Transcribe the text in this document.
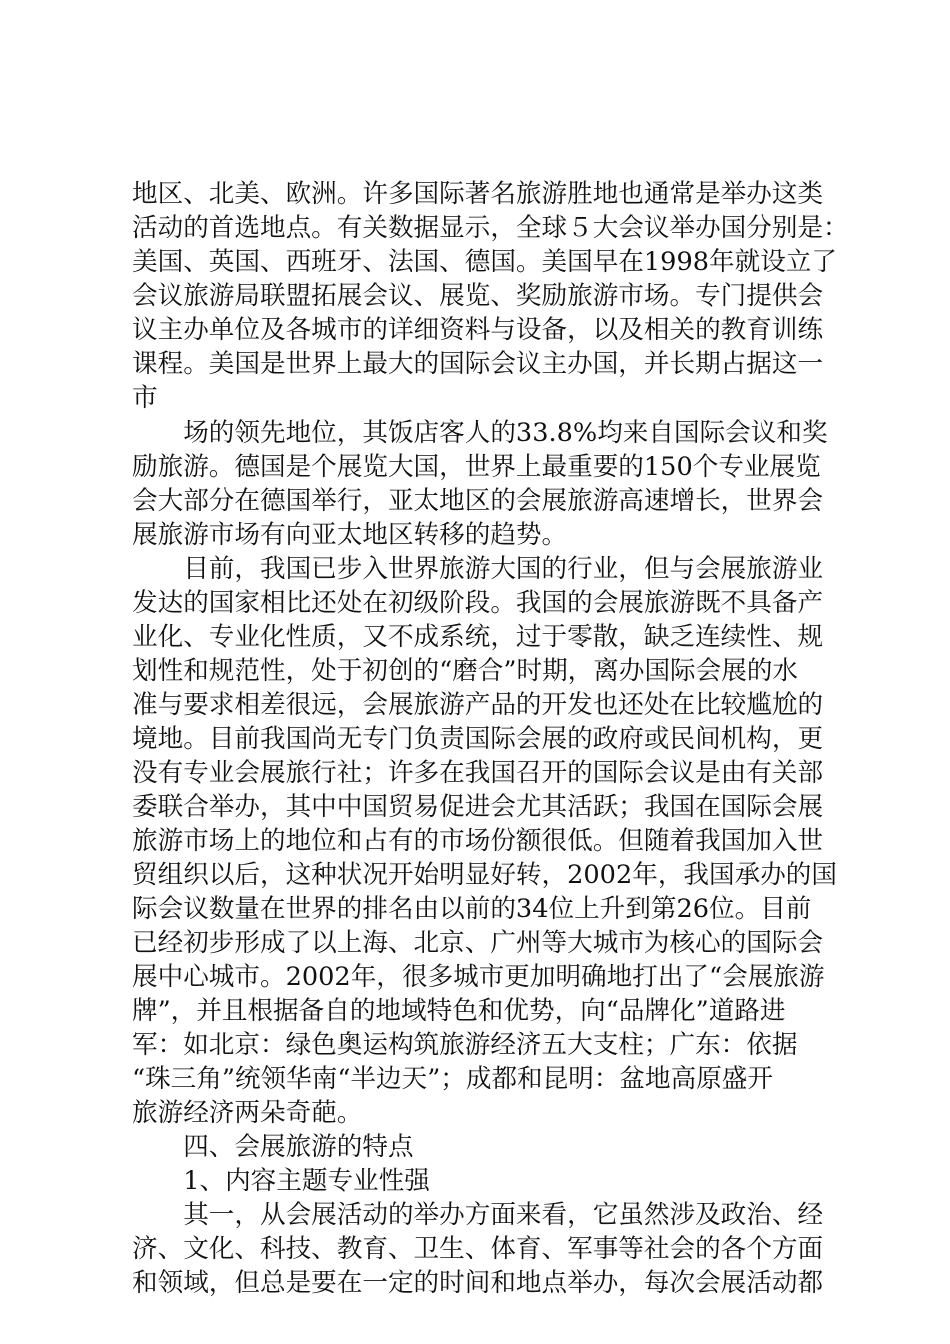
地区、北美、欧洲。许多国际著名旅游胜地也通常是举办这类
活动的首选地点。有关数据显示，全球５大会议举办国分别是：
美国、英国、西班牙、法国、德国。美国早在1998年就设立了
会议旅游局联盟拓展会议、展览、奖励旅游市场。专门提供会
议主办单位及各城市的详细资料与设备，以及相关的教育训练
课程。美国是世界上最大的国际会议主办国，并长期占据这一
市
　　场的领先地位，其饭店客人的33.8%均来自国际会议和奖
励旅游。德国是个展览大国，世界上最重要的150个专业展览
会大部分在德国举行，亚太地区的会展旅游高速增长，世界会
展旅游市场有向亚太地区转移的趋势。
　　目前，我国已步入世界旅游大国的行业，但与会展旅游业
发达的国家相比还处在初级阶段。我国的会展旅游既不具备产
业化、专业化性质，又不成系统，过于零散，缺乏连续性、规
划性和规范性，处于初创的“磨合”时期，离办国际会展的水
准与要求相差很远，会展旅游产品的开发也还处在比较尴尬的
境地。目前我国尚无专门负责国际会展的政府或民间机构，更
没有专业会展旅行社；许多在我国召开的国际会议是由有关部
委联合举办，其中中国贸易促进会尤其活跃；我国在国际会展
旅游市场上的地位和占有的市场份额很低。但随着我国加入世
贸组织以后，这种状况开始明显好转，2002年，我国承办的国
际会议数量在世界的排名由以前的34位上升到第26位。目前
已经初步形成了以上海、北京、广州等大城市为核心的国际会
展中心城市。2002年，很多城市更加明确地打出了“会展旅游
牌”，并且根据备自的地域特色和优势，向“品牌化”道路进
军：如北京：绿色奥运构筑旅游经济五大支柱；广东：依据
“珠三角”统领华南“半边天”；成都和昆明：盆地高原盛开
旅游经济两朵奇葩。
　　四、会展旅游的特点
　　1、内容主题专业性强
　　其一，从会展活动的举办方面来看，它虽然涉及政治、经
济、文化、科技、教育、卫生、体育、军事等社会的各个方面
和领域，但总是要在一定的时间和地点举办，每次会展活动都
